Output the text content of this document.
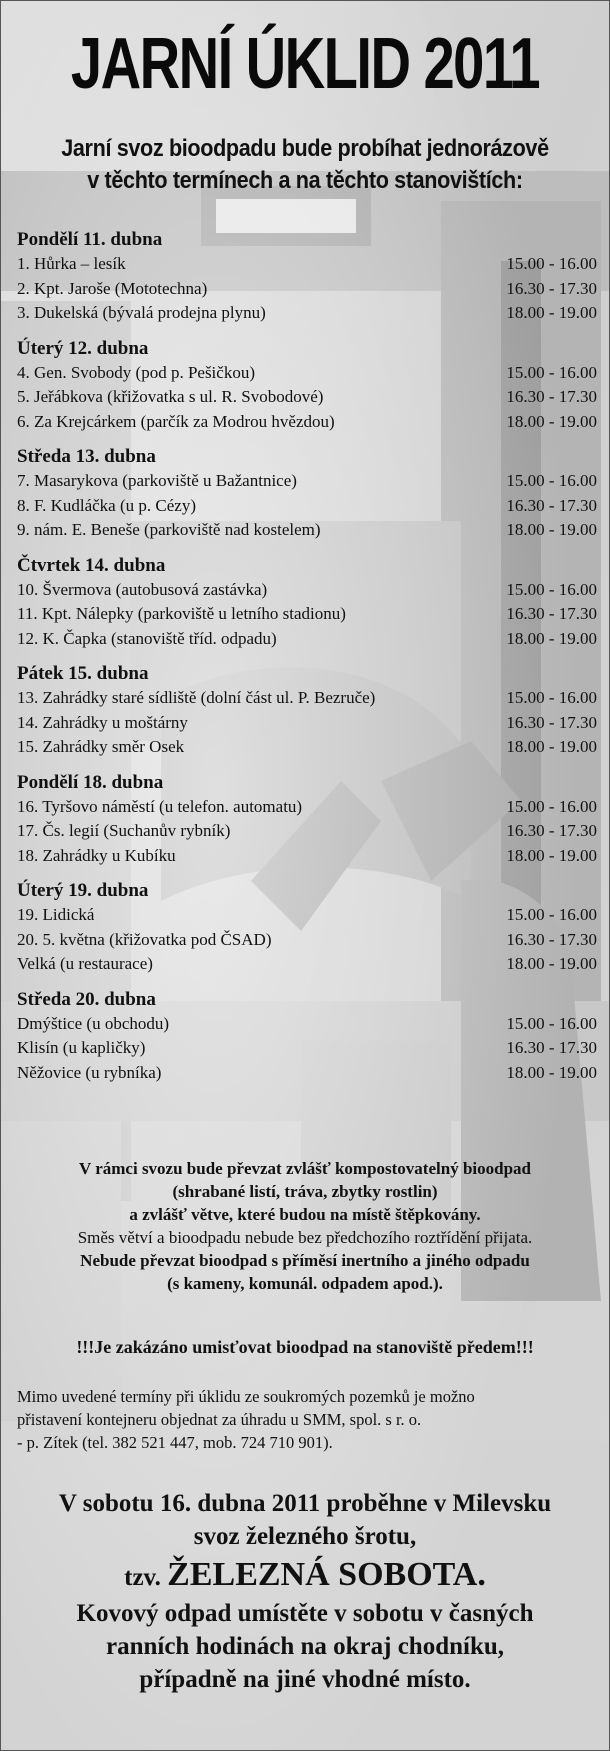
JARNÍ ÚKLID 2011
Jarní svoz bioodpadu bude probíhat jednorázově
v těchto termínech a na těchto stanovištích:
Pondělí 11. dubna
1. Hůrka – lesík	15.00 - 16.00
2. Kpt. Jaroše (Mototechna)	16.30 - 17.30
3. Dukelská (bývalá prodejna plynu)	18.00 - 19.00
Úterý 12. dubna
4. Gen. Svobody (pod p. Pešičkou)	15.00 - 16.00
5. Jeřábkova (křižovatka s ul. R. Svobodové)	16.30 - 17.30
6. Za Krejcárkem (parčík za Modrou hvězdou)	18.00 - 19.00
Středa 13. dubna
7. Masarykova (parkoviště u Bažantnice)	15.00 - 16.00
8. F. Kudláčka (u p. Cézy)	16.30 - 17.30
9. nám. E. Beneše (parkoviště nad kostelem)	18.00 - 19.00
Čtvrtek 14. dubna
10. Švermova (autobusová zastávka)	15.00 - 16.00
11. Kpt. Nálepky (parkoviště u letního stadionu)	16.30 - 17.30
12. K. Čapka (stanoviště tříd. odpadu)	18.00 - 19.00
Pátek 15. dubna
13. Zahrádky staré sídliště (dolní část ul. P. Bezruče)	15.00 - 16.00
14. Zahrádky u moštárny	16.30 - 17.30
15. Zahrádky směr Osek	18.00 - 19.00
Pondělí 18. dubna
16. Tyršovo náměstí (u telefon. automatu)	15.00 - 16.00
17. Čs. legií (Suchanův rybník)	16.30 - 17.30
18. Zahrádky u Kubíku	18.00 - 19.00
Úterý 19. dubna
19. Lidická	15.00 - 16.00
20. 5. května (křižovatka pod ČSAD)	16.30 - 17.30
Velká (u restaurace)	18.00 - 19.00
Středa 20. dubna
Dmýštice (u obchodu)	15.00 - 16.00
Klisín (u kapličky)	16.30 - 17.30
Něžovice (u rybníka)	18.00 - 19.00
V rámci svozu bude převzat zvlášť kompostovatelný bioodpad
(shrabané listí, tráva, zbytky rostlin)
a zvlášť větve, které budou na místě štěpkovány.
Směs větví a bioodpadu nebude bez předchozího roztřídění přijata.
Nebude převzat bioodpad s příměsí inertního a jiného odpadu
(s kameny, komunál. odpadem apod.).
!!!Je zakázáno umisťovat bioodpad na stanoviště předem!!!
Mimo uvedené termíny při úklidu ze soukromých pozemků je možno
přistavení kontejneru objednat za úhradu u SMM, spol. s r. o.
- p. Zítek (tel. 382 521 447, mob. 724 710 901).
V sobotu 16. dubna 2011 proběhne v Milevsku
svoz železného šrotu,
tzv. ŽELEZNÁ SOBOTA.
Kovový odpad umístěte v sobotu v časných
ranních hodinách na okraj chodníku,
případně na jiné vhodné místo.
